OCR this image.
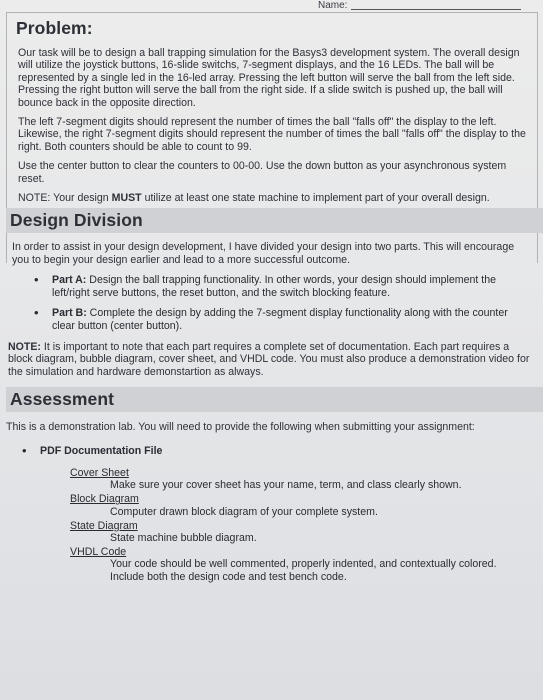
Name:
Problem:

Our task will be to design a ball trapping simulation for the Basys3 development system. The overall design will utilize the joystick buttons, 16-slide switchs, 7-segment displays, and the 16 LEDs. The ball will be represented by a single led in the 16-led array. Pressing the left button will serve the ball from the left side. Pressing the right button will serve the ball from the right side. If a slide switch is pushed up, the ball will bounce back in the opposite direction.

The left 7-segment digits should represent the number of times the ball "falls off" the display to the left. Likewise, the right 7-segment digits should represent the number of times the ball "falls off" the display to the right. Both counters should be able to count to 99.

Use the center button to clear the counters to 00-00. Use the down button as your asynchronous system reset.

NOTE: Your design MUST utilize at least one state machine to implement part of your overall design.

Design Division

In order to assist in your design development, I have divided your design into two parts. This will encourage you to begin your design earlier and lead to a more successful outcome.

• Part A: Design the ball trapping functionality. In other words, your design should implement the left/right serve buttons, the reset button, and the switch blocking feature.
• Part B: Complete the design by adding the 7-segment display functionality along with the counter clear button (center button).

NOTE: It is important to note that each part requires a complete set of documentation. Each part requires a block diagram, bubble diagram, cover sheet, and VHDL code. You must also produce a demonstration video for the simulation and hardware demonstartion as always.

Assessment

This is a demonstration lab. You will need to provide the following when submitting your assignment:

• PDF Documentation File
Cover Sheet
Make sure your cover sheet has your name, term, and class clearly shown.
Block Diagram
Computer drawn block diagram of your complete system.
State Diagram
State machine bubble diagram.
VHDL Code
Your code should be well commented, properly indented, and contextually colored. Include both the design code and test bench code.
